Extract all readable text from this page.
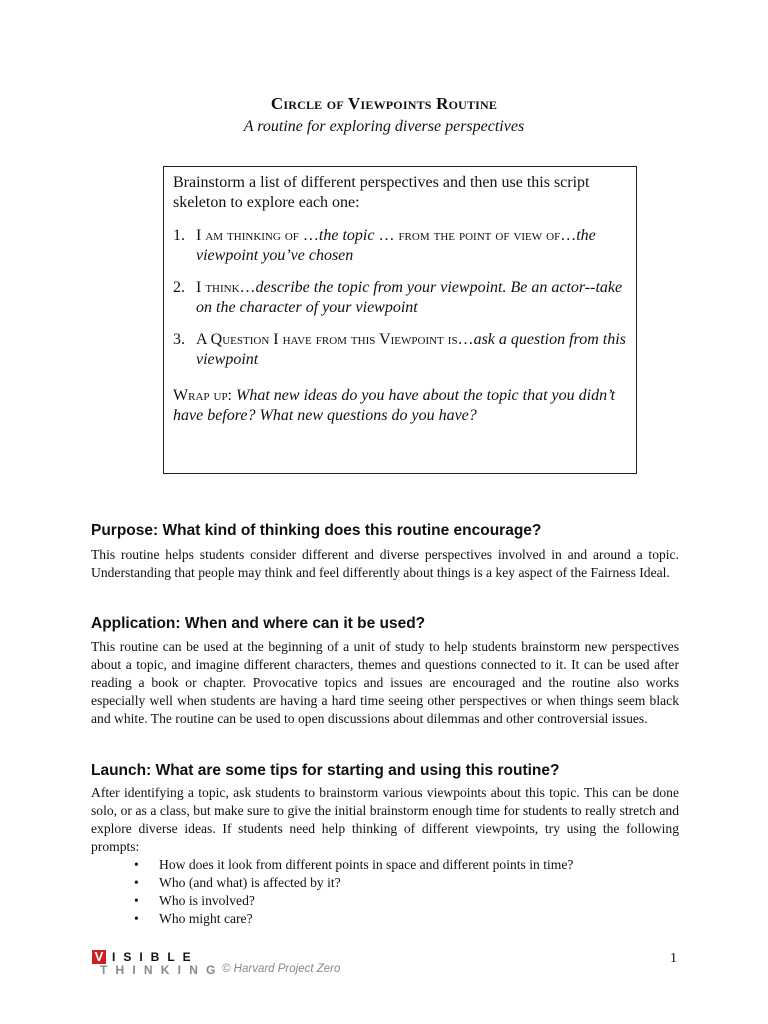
Circle of Viewpoints Routine
A routine for exploring diverse perspectives

Brainstorm a list of different perspectives and then use this script skeleton to explore each one:

1. I am thinking of …the topic … from the point of view of…the viewpoint you’ve chosen
2. I think…describe the topic from your viewpoint. Be an actor--take on the character of your viewpoint
3. A Question I have from this Viewpoint is…ask a question from this viewpoint

Wrap up: What new ideas do you have about the topic that you didn’t have before? What new questions do you have?

Purpose: What kind of thinking does this routine encourage?
This routine helps students consider different and diverse perspectives involved in and around a topic. Understanding that people may think and feel differently about things is a key aspect of the Fairness Ideal.
Application: When and where can it be used?
This routine can be used at the beginning of a unit of study to help students brainstorm new perspectives about a topic, and imagine different characters, themes and questions connected to it. It can be used after reading a book or chapter. Provocative topics and issues are encouraged and the routine also works especially well when students are having a hard time seeing other perspectives or when things seem black and white. The routine can be used to open discussions about dilemmas and other controversial issues.
Launch: What are some tips for starting and using this routine?
After identifying a topic, ask students to brainstorm various viewpoints about this topic. This can be done solo, or as a class, but make sure to give the initial brainstorm enough time for students to really stretch and explore diverse ideas. If students need help thinking of different viewpoints, try using the following prompts:
• How does it look from different points in space and different points in time?
• Who (and what) is affected by it?
• Who is involved?
• Who might care?
V ISIBLE
THINKING
© Harvard Project Zero
1
